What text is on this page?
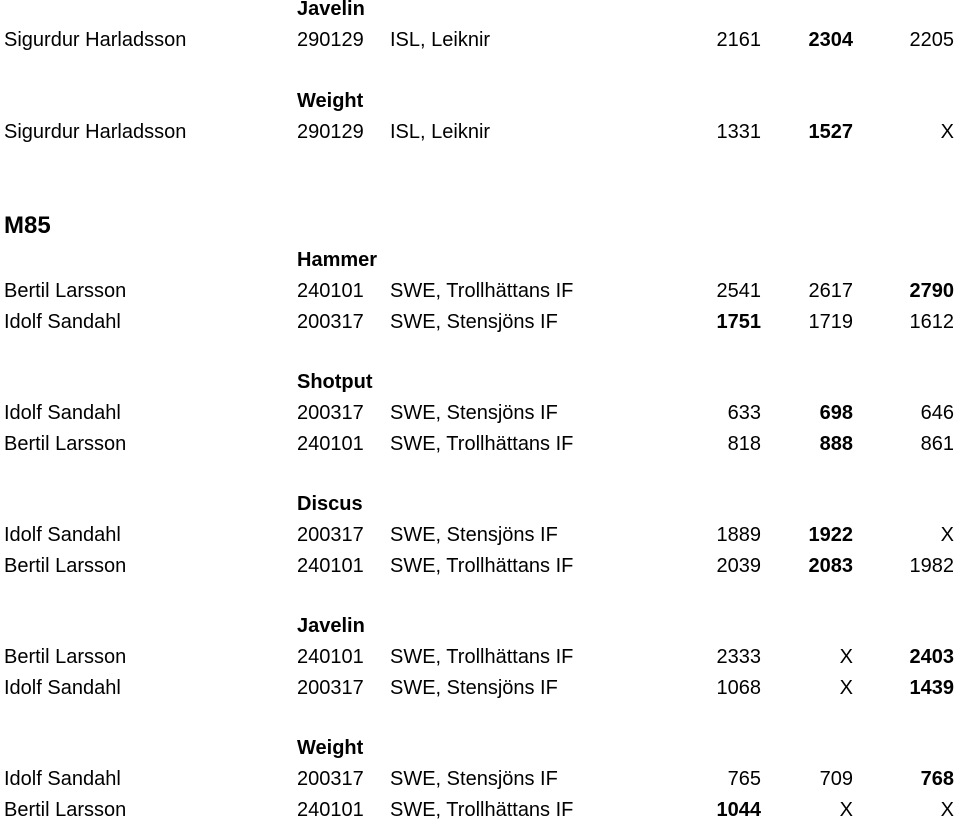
Javelin
Sigurdur Harladsson	290129 ISL, Leiknir	2161 2304	2205
Weight
Sigurdur Harladsson	290129 ISL, Leiknir	1331 1527	X
M85
Hammer
Bertil Larsson	240101 SWE, Trollhättans IF	2541 2617	2790
Idolf Sandahl	200317 SWE, Stensjöns IF	1751 1719	1612
Shotput
Idolf Sandahl	200317 SWE, Stensjöns IF	633	698	646
Bertil Larsson	240101 SWE, Trollhättans IF	818	888	861
Discus
Idolf Sandahl	200317 SWE, Stensjöns IF	1889 1922	X
Bertil Larsson	240101 SWE, Trollhättans IF	2039 2083	1982
Javelin
Bertil Larsson	240101 SWE, Trollhättans IF	2333	X	2403
Idolf Sandahl	200317 SWE, Stensjöns IF	1068	X	1439
Weight
Idolf Sandahl	200317 SWE, Stensjöns IF	765	709	768
Bertil Larsson	240101 SWE, Trollhättans IF	1044	X	X
